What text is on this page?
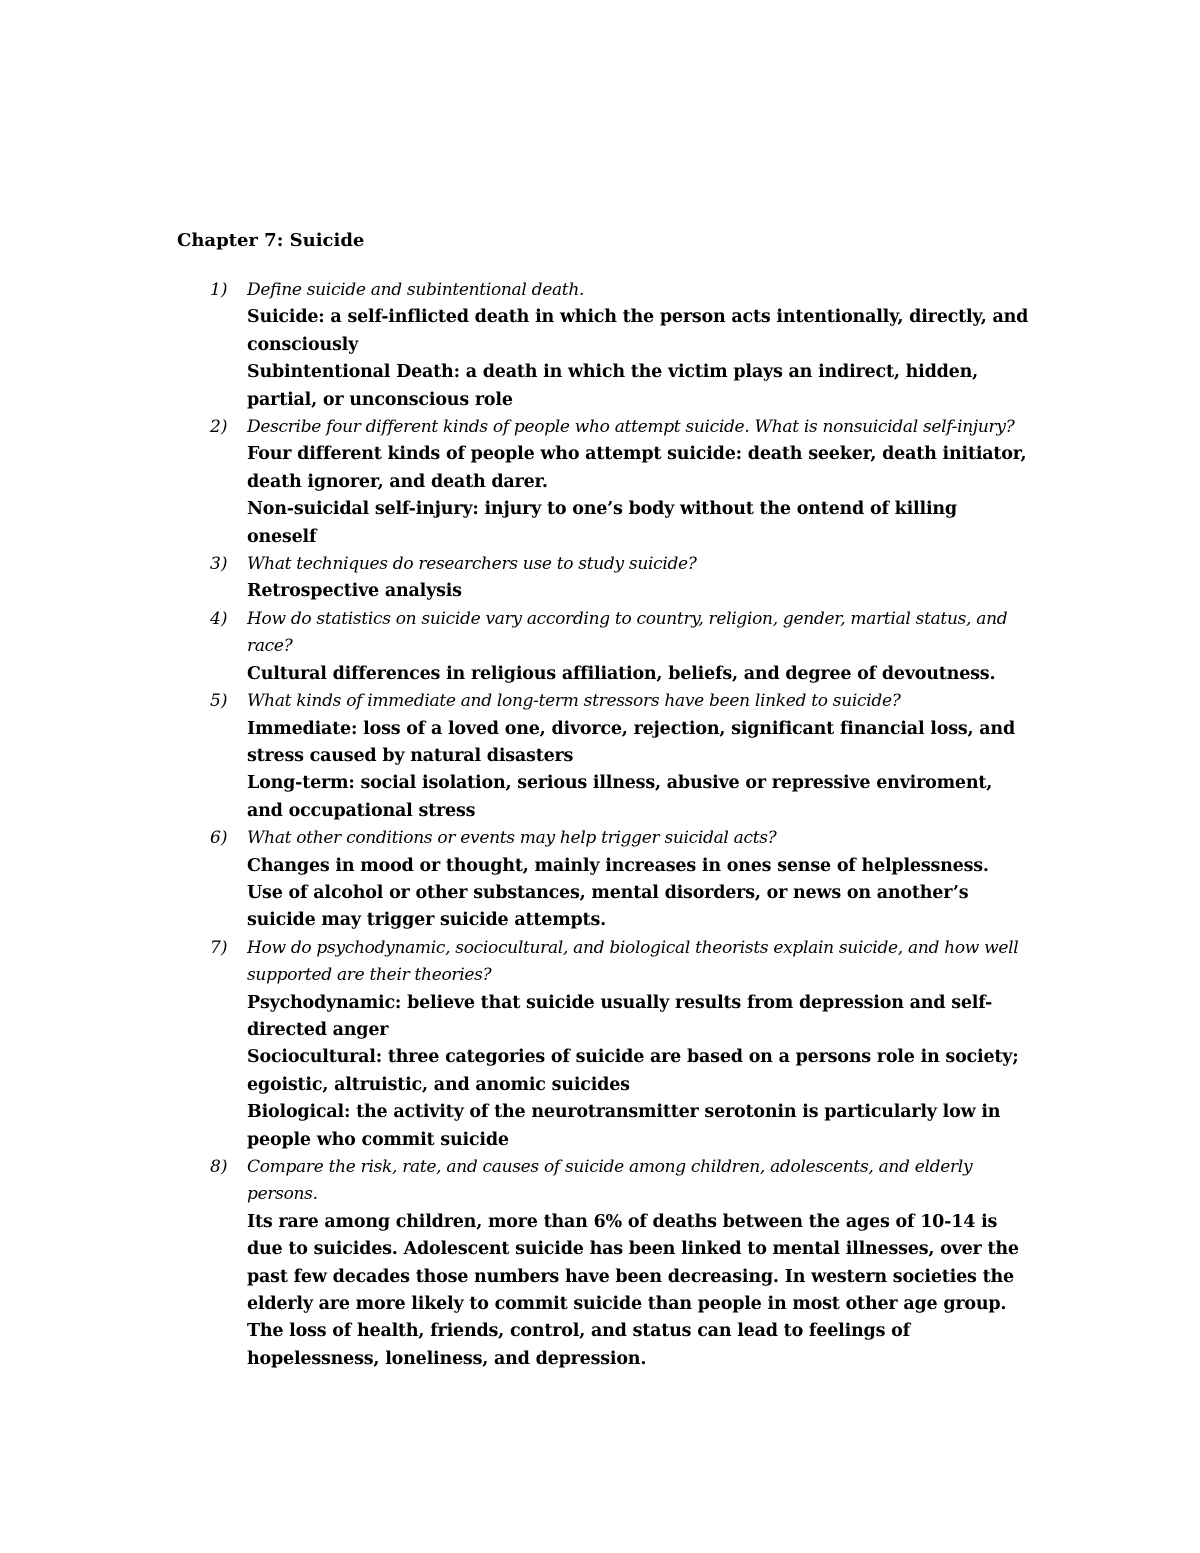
Chapter 7: Suicide
1) Define suicide and subintentional death.

Suicide: a self-inflicted death in which the person acts intentionally, directly, and consciously

Subintentional Death: a death in which the victim plays an indirect, hidden, partial, or unconscious role

2) Describe four different kinds of people who attempt suicide. What is nonsuicidal self-injury?

Four different kinds of people who attempt suicide: death seeker, death initiator, death ignorer, and death darer.

Non-suicidal self-injury: injury to one’s body without the ontend of killing oneself

3) What techniques do researchers use to study suicide?

Retrospective analysis

4) How do statistics on suicide vary according to country, religion, gender, martial status, and race?

Cultural differences in religious affiliation, beliefs, and degree of devoutness.

5) What kinds of immediate and long-term stressors have been linked to suicide?

Immediate: loss of a loved one, divorce, rejection, significant financial loss, and stress caused by natural disasters

Long-term: social isolation, serious illness, abusive or repressive enviroment, and occupational stress

6) What other conditions or events may help trigger suicidal acts?

Changes in mood or thought, mainly increases in ones sense of helplessness. Use of alcohol or other substances, mental disorders, or news on another’s suicide may trigger suicide attempts.

7) How do psychodynamic, sociocultural, and biological theorists explain suicide, and how well supported are their theories?

Psychodynamic: believe that suicide usually results from depression and self-directed anger

Sociocultural: three categories of suicide are based on a persons role in society; egoistic, altruistic, and anomic suicides

Biological: the activity of the neurotransmitter serotonin is particularly low in people who commit suicide

8) Compare the risk, rate, and causes of suicide among children, adolescents, and elderly persons.

Its rare among children, more than 6% of deaths between the ages of 10-14 is due to suicides. Adolescent suicide has been linked to mental illnesses, over the past few decades those numbers have been decreasing. In western societies the elderly are more likely to commit suicide than people in most other age group. The loss of health, friends, control, and status can lead to feelings of hopelessness, loneliness, and depression.
